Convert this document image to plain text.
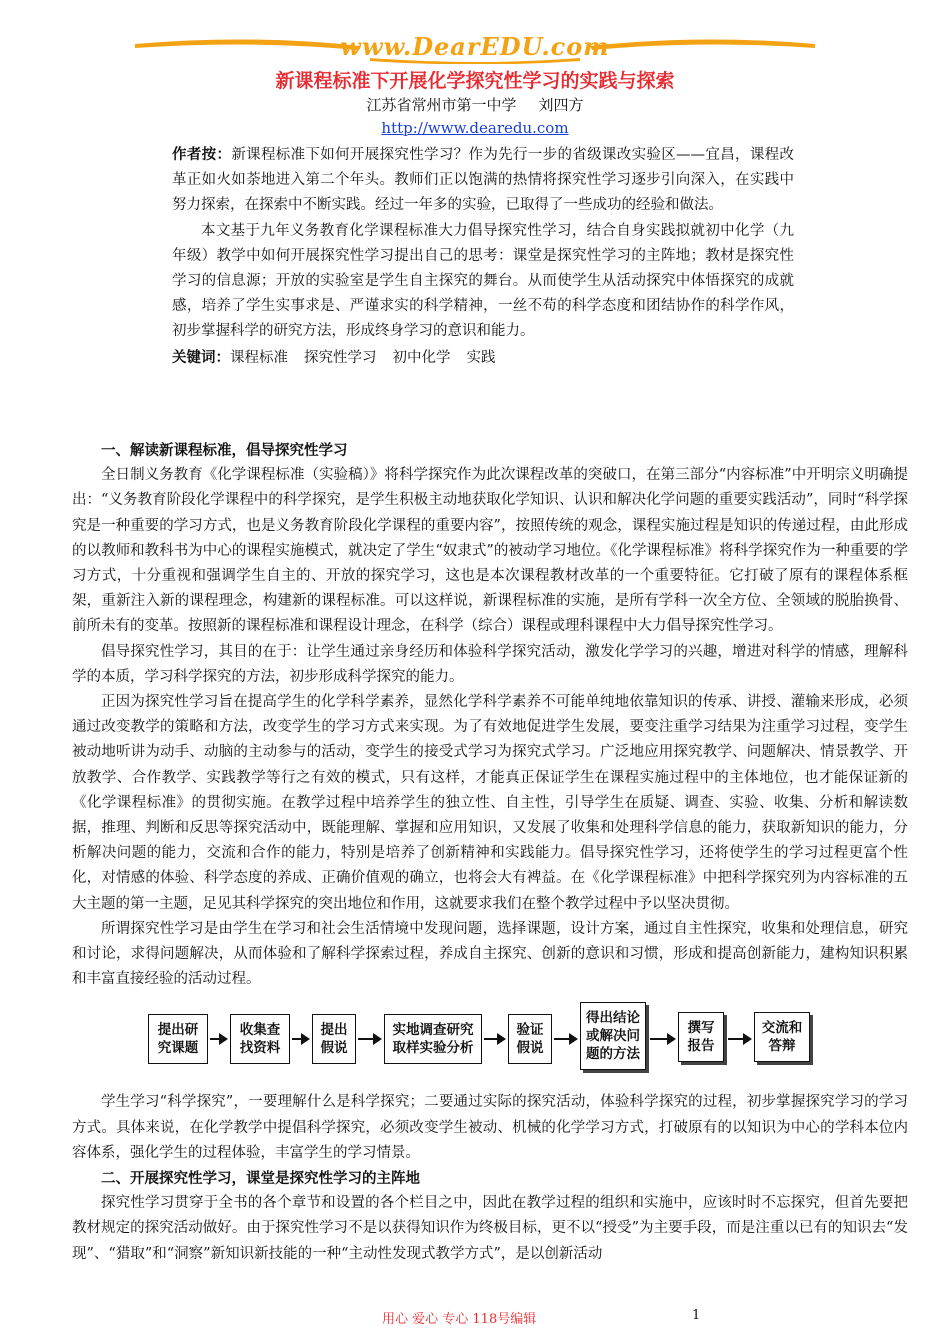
www.DearEDU.com
新课程标准下开展化学探究性学习的实践与探索
江苏省常州市第一中学 刘四方
http://www.dearedu.com

作者按：新课程标准下如何开展探究性学习？作为先行一步的省级课改实验区——宜昌，课程改革正如火如荼地进入第二个年头。教师们正以饱满的热情将探究性学习逐步引向深入，在实践中努力探索，在探索中不断实践。经过一年多的实验，已取得了一些成功的经验和做法。

本文基于九年义务教育化学课程标准大力倡导探究性学习，结合自身实践拟就初中化学（九年级）教学中如何开展探究性学习提出自己的思考：课堂是探究性学习的主阵地；教材是探究性学习的信息源；开放的实验室是学生自主探究的舞台。从而使学生从活动探究中体悟探究的成就感，培养了学生实事求是、严谨求实的科学精神，一丝不苟的科学态度和团结协作的科学作风，初步掌握科学的研究方法，形成终身学习的意识和能力。

关键词：课程标准 探究性学习 初中化学 实践

一、解读新课程标准，倡导探究性学习

全日制义务教育《化学课程标准（实验稿）》将科学探究作为此次课程改革的突破口，在第三部分“内容标准”中开明宗义明确提出：“义务教育阶段化学课程中的科学探究，是学生积极主动地获取化学知识、认识和解决化学问题的重要实践活动”，同时“科学探究是一种重要的学习方式，也是义务教育阶段化学课程的重要内容”，按照传统的观念，课程实施过程是知识的传递过程，由此形成的以教师和教科书为中心的课程实施模式，就决定了学生“奴隶式”的被动学习地位。《化学课程标准》将科学探究作为一种重要的学习方式，十分重视和强调学生自主的、开放的探究学习，这也是本次课程教材改革的一个重要特征。它打破了原有的课程体系框架，重新注入新的课程理念，构建新的课程标准。可以这样说，新课程标准的实施，是所有学科一次全方位、全领域的脱胎换骨、前所未有的变革。按照新的课程标准和课程设计理念，在科学（综合）课程或理科课程中大力倡导探究性学习。

倡导探究性学习，其目的在于：让学生通过亲身经历和体验科学探究活动，激发化学学习的兴趣，增进对科学的情感，理解科学的本质，学习科学探究的方法，初步形成科学探究的能力。

正因为探究性学习旨在提高学生的化学科学素养，显然化学科学素养不可能单纯地依靠知识的传承、讲授、灌输来形成，必须通过改变教学的策略和方法，改变学生的学习方式来实现。为了有效地促进学生发展，要变注重学习结果为注重学习过程，变学生被动地听讲为动手、动脑的主动参与的活动，变学生的接受式学习为探究式学习。广泛地应用探究教学、问题解决、情景教学、开放教学、合作教学、实践教学等行之有效的模式，只有这样，才能真正保证学生在课程实施过程中的主体地位，也才能保证新的《化学课程标准》的贯彻实施。在教学过程中培养学生的独立性、自主性，引导学生在质疑、调查、实验、收集、分析和解读数据，推理、判断和反思等探究活动中，既能理解、掌握和应用知识，又发展了收集和处理科学信息的能力，获取新知识的能力，分析解决问题的能力，交流和合作的能力，特别是培养了创新精神和实践能力。倡导探究性学习，还将使学生的学习过程更富个性化，对情感的体验、科学态度的养成、正确价值观的确立，也将会大有裨益。在《化学课程标准》中把科学探究列为内容标准的五大主题的第一主题，足见其科学探究的突出地位和作用，这就要求我们在整个教学过程中予以坚决贯彻。

所谓探究性学习是由学生在学习和社会生活情境中发现问题，选择课题，设计方案，通过自主性探究，收集和处理信息，研究和讨论，求得问题解决，从而体验和了解科学探索过程，养成自主探究、创新的意识和习惯，形成和提高创新能力，建构知识积累和丰富直接经验的活动过程。

提出研
究课题
收集查
找资料
提出
假说
实地调查研究
取样实验分析
验证
假说
得出结论
或解决问
题的方法
撰写
报告
交流和
答辩

学生学习“科学探究”，一要理解什么是科学探究；二要通过实际的探究活动，体验科学探究的过程，初步掌握探究学习的学习方式。具体来说，在化学教学中提倡科学探究，必须改变学生被动、机械的化学学习方式，打破原有的以知识为中心的学科本位内容体系，强化学生的过程体验，丰富学生的学习情景。

二、开展探究性学习，课堂是探究性学习的主阵地

探究性学习贯穿于全书的各个章节和设置的各个栏目之中，因此在教学过程的组织和实施中，应该时时不忘探究，但首先要把教材规定的探究活动做好。由于探究性学习不是以获得知识作为终极目标，更不以“授受”为主要手段，而是注重以已有的知识去“发现”、“猎取”和“洞察”新知识新技能的一种“主动性发现式教学方式”，是以创新活动

用心 爱心 专心 118号编辑	1
